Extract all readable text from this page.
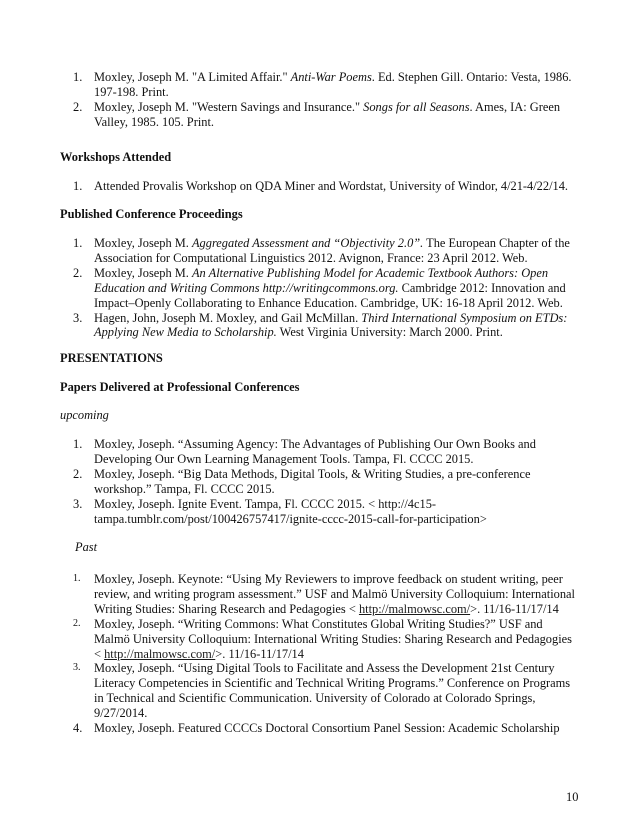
1. Moxley, Joseph M. "A Limited Affair." Anti-War Poems. Ed. Stephen Gill. Ontario: Vesta, 1986. 197-198. Print.
2. Moxley, Joseph M. "Western Savings and Insurance." Songs for all Seasons. Ames, IA: Green Valley, 1985. 105. Print.
Workshops Attended
1. Attended Provalis Workshop on QDA Miner and Wordstat, University of Windor, 4/21-4/22/14.
Published Conference Proceedings
1. Moxley, Joseph M. Aggregated Assessment and “Objectivity 2.0”. The European Chapter of the Association for Computational Linguistics 2012. Avignon, France: 23 April 2012. Web.
2. Moxley, Joseph M. An Alternative Publishing Model for Academic Textbook Authors: Open Education and Writing Commons http://writingcommons.org. Cambridge 2012: Innovation and Impact–Openly Collaborating to Enhance Education. Cambridge, UK: 16-18 April 2012. Web.
3. Hagen, John, Joseph M. Moxley, and Gail McMillan. Third International Symposium on ETDs: Applying New Media to Scholarship. West Virginia University: March 2000. Print.
PRESENTATIONS
Papers Delivered at Professional Conferences
upcoming
1. Moxley, Joseph. “Assuming Agency: The Advantages of Publishing Our Own Books and Developing Our Own Learning Management Tools. Tampa, Fl. CCCC 2015.
2. Moxley, Joseph. “Big Data Methods, Digital Tools, & Writing Studies, a pre-conference workshop.” Tampa, Fl. CCCC 2015.
3. Moxley, Joseph. Ignite Event. Tampa, Fl. CCCC 2015. < http://4c15-tampa.tumblr.com/post/100426757417/ignite-cccc-2015-call-for-participation>
Past
1. Moxley, Joseph. Keynote: “Using My Reviewers to improve feedback on student writing, peer review, and writing program assessment.” USF and Malmö University Colloquium: International Writing Studies: Sharing Research and Pedagogies < http://malmowsc.com/>. 11/16-11/17/14
2. Moxley, Joseph. “Writing Commons: What Constitutes Global Writing Studies?” USF and Malmö University Colloquium: International Writing Studies: Sharing Research and Pedagogies < http://malmowsc.com/>. 11/16-11/17/14
3. Moxley, Joseph. “Using Digital Tools to Facilitate and Assess the Development 21st Century Literacy Competencies in Scientific and Technical Writing Programs.” Conference on Programs in Technical and Scientific Communication. University of Colorado at Colorado Springs, 9/27/2014.
4. Moxley, Joseph. Featured CCCCs Doctoral Consortium Panel Session: Academic Scholarship
10
